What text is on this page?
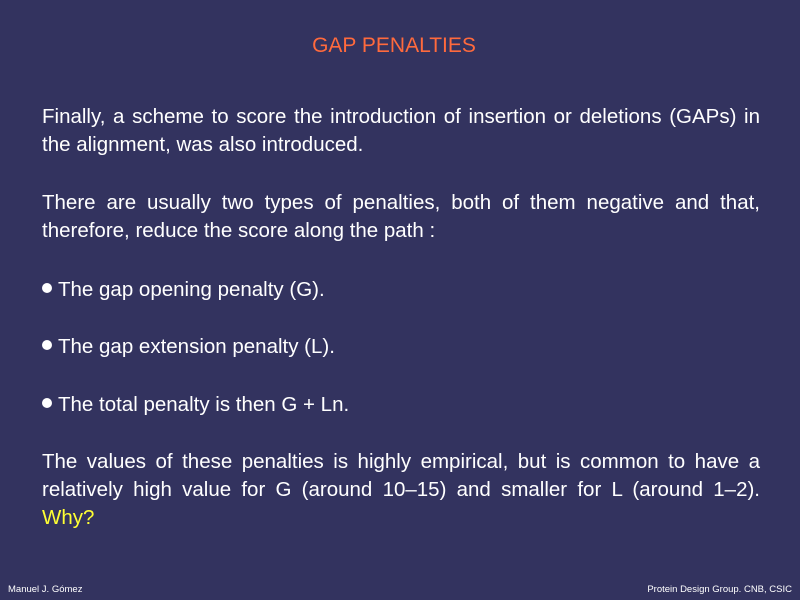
GAP PENALTIES
Finally, a scheme to score the introduction of insertion or deletions (GAPs) in the alignment, was also introduced.
There are usually two types of penalties, both of them negative and that, therefore, reduce the score along the path :
The gap opening penalty (G).
The gap extension penalty (L).
The total penalty is then G + Ln.
The values of these penalties is highly empirical, but is common to have a relatively high value for G (around 10‒15) and smaller for L (around 1‒2). Why?
Manuel J. Gómez	Protein Design Group. CNB, CSIC
